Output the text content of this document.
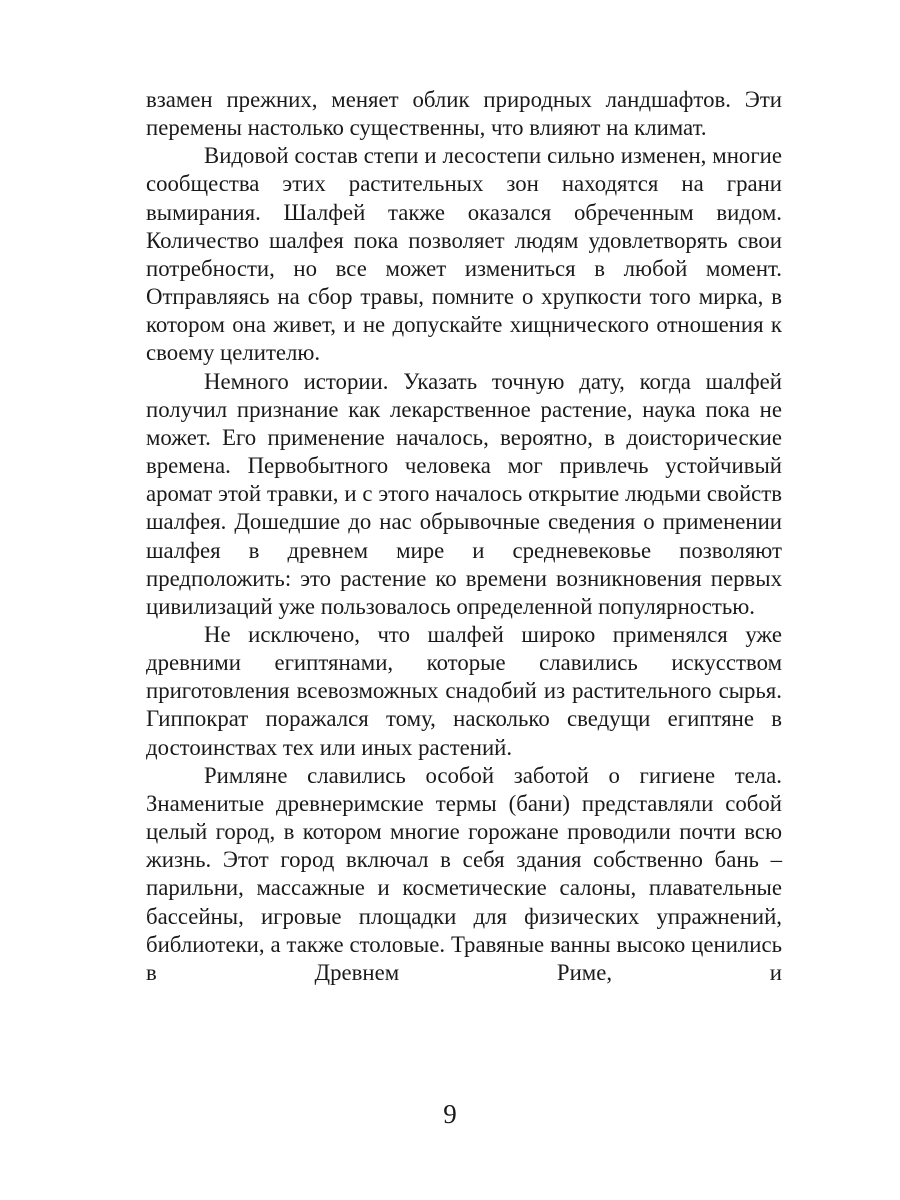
взамен прежних, меняет облик природных ландшафтов. Эти перемены настолько существенны, что влияют на климат.

Видовой состав степи и лесостепи сильно изменен, многие сообщества этих растительных зон находятся на грани вымирания. Шалфей также оказался обреченным видом. Количество шалфея пока позволяет людям удовлетворять свои потребности, но все может измениться в любой момент. Отправляясь на сбор травы, помните о хрупкости того мирка, в котором она живет, и не допускайте хищнического отношения к своему целителю.

Немного истории. Указать точную дату, когда шалфей получил признание как лекарственное растение, наука пока не может. Его применение началось, вероятно, в доисторические времена. Первобытного человека мог привлечь устойчивый аромат этой травки, и с этого началось открытие людьми свойств шалфея. Дошедшие до нас обрывочные сведения о применении шалфея в древнем мире и средневековье позволяют предположить: это растение ко времени возникновения первых цивилизаций уже пользовалось определенной популярностью.

Не исключено, что шалфей широко применялся уже древними египтянами, которые славились искусством приготовления всевозможных снадобий из растительного сырья. Гиппократ поражался тому, насколько сведущи египтяне в достоинствах тех или иных растений.

Римляне славились особой заботой о гигиене тела. Знаменитые древнеримские термы (бани) представляли собой целый город, в котором многие горожане проводили почти всю жизнь. Этот город включал в себя здания собственно бань – парильни, массажные и косметические салоны, плавательные бассейны, игровые площадки для физических упражнений, библиотеки, а также столовые. Травяные ванны высоко ценились в Древнем Риме, и

9
